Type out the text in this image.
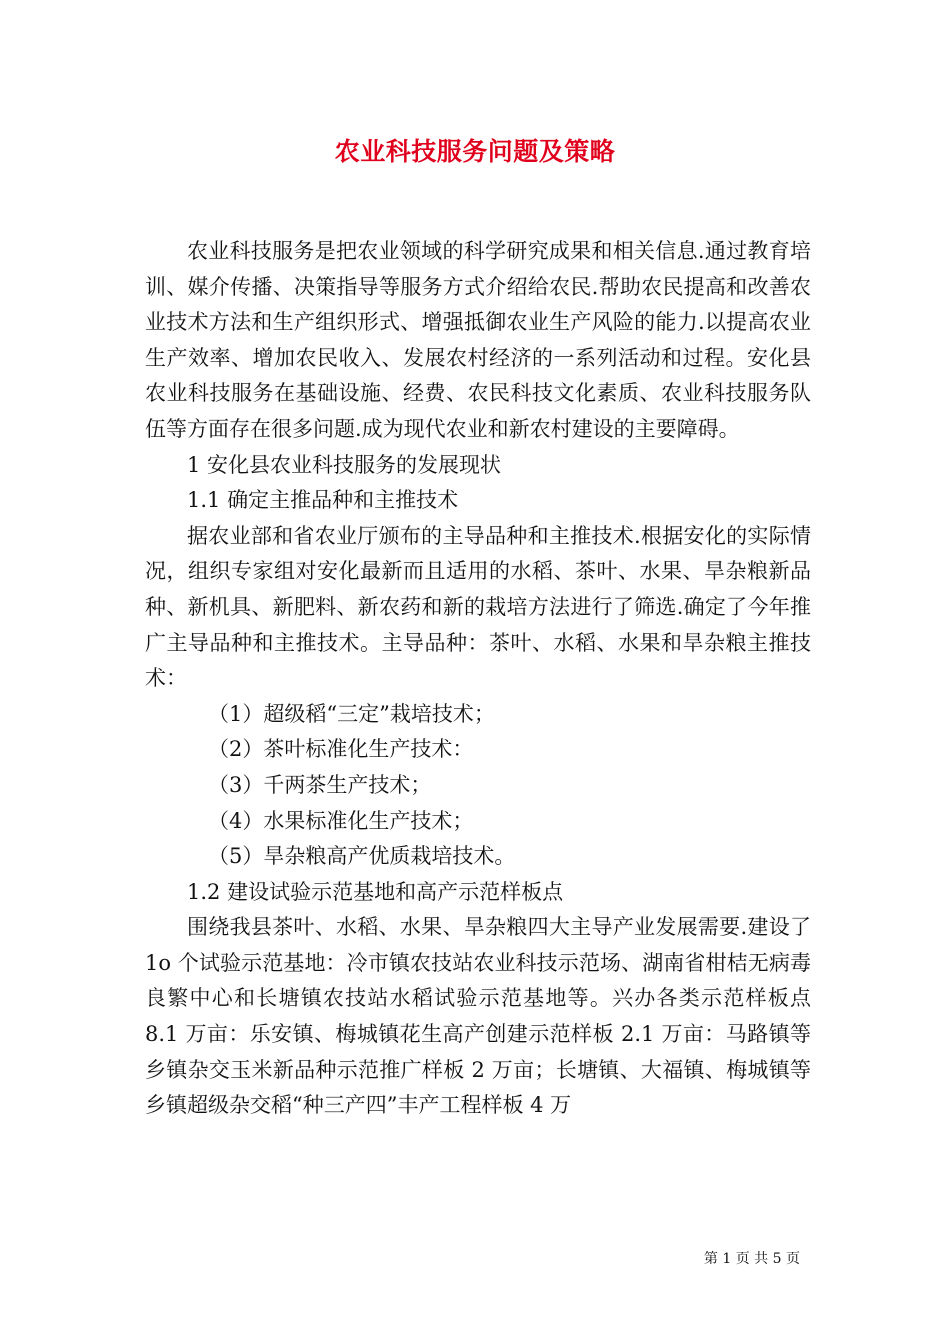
农业科技服务问题及策略

农业科技服务是把农业领域的科学研究成果和相关信息.通过教育培训、媒介传播、决策指导等服务方式介绍给农民.帮助农民提高和改善农业技术方法和生产组织形式、增强抵御农业生产风险的能力.以提高农业生产效率、增加农民收入、发展农村经济的一系列活动和过程。安化县农业科技服务在基础设施、经费、农民科技文化素质、农业科技服务队伍等方面存在很多问题.成为现代农业和新农村建设的主要障碍。

1 安化县农业科技服务的发展现状

1.1 确定主推品种和主推技术

据农业部和省农业厅颁布的主导品种和主推技术.根据安化的实际情况，组织专家组对安化最新而且适用的水稻、茶叶、水果、旱杂粮新品种、新机具、新肥料、新农药和新的栽培方法进行了筛选.确定了今年推广主导品种和主推技术。主导品种：茶叶、水稻、水果和旱杂粮主推技术：

（1）超级稻“三定”栽培技术；

（2）茶叶标准化生产技术：

（3）千两茶生产技术；

（4）水果标准化生产技术；

（5）旱杂粮高产优质栽培技术。

1.2 建设试验示范基地和高产示范样板点

围绕我县茶叶、水稻、水果、旱杂粮四大主导产业发展需要.建设了 1o 个试验示范基地：冷市镇农技站农业科技示范场、湖南省柑桔无病毒良繁中心和长塘镇农技站水稻试验示范基地等。兴办各类示范样板点 8.1 万亩：乐安镇、梅城镇花生高产创建示范样板 2.1 万亩：马路镇等乡镇杂交玉米新品种示范推广样板 2 万亩；长塘镇、大福镇、梅城镇等乡镇超级杂交稻“种三产四”丰产工程样板 4 万

第 1 页 共 5 页
